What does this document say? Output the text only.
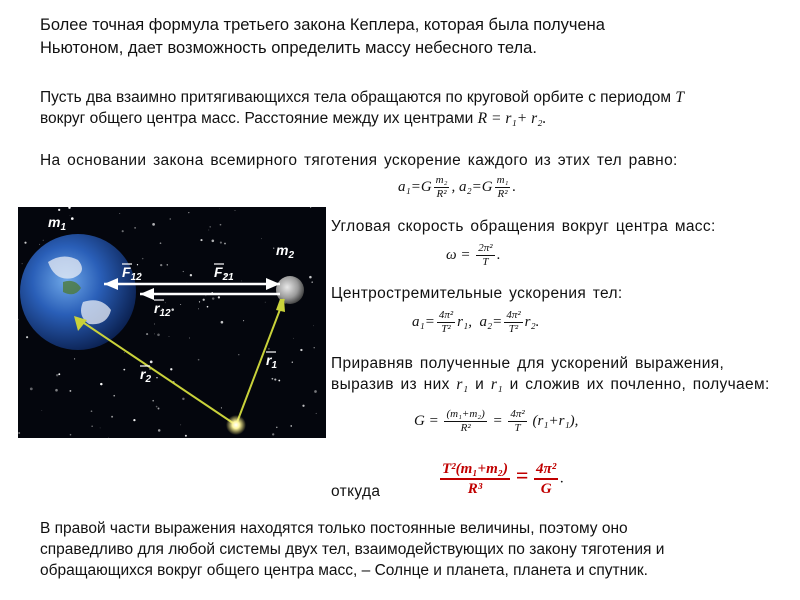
Более точная формула третьего закона Кеплера, которая была получена
Ньютоном, дает возможность определить массу небесного тела.
Пусть два взаимно притягивающихся тела обращаются по круговой орбите с периодом T
вокруг общего центра масс. Расстояние между их центрами R = r₁+ r₂.
На основании закона всемирного тяготения ускорение каждого из этих тел равно:
$a_1=G \frac{\text{m₂}}{\text{R²}}$ , $a_2=G \frac{\text{m₁}}{\text{R²}}$ .
$m_1$
$m_2$
$F_{12}$	$F_{21}$
$r_{12}$
$r_2$
$r_1$
Угловая скорость обращения вокруг центра масс:
$\omega = \frac{\text{2π²}}{T}$ .
Центростремительные ускорения тел:
$a_1= \frac{\text{4π²}}{\text{T²}} r_1$, $a_2= \frac{\text{4π²}}{\text{T²}} r_2$.
Приравняв полученные для ускорений выражения,
выразив из них r₁ и r₁ и сложив их почленно, получаем:
$G = \frac{\text{(m₁+m₂)}}{\text{R²}} = \frac{\text{4π²}}{T} (r_1+r_1)$,
откуда	$\frac{\text{T²(m₁+m₂)}}{\text{R³}} = \frac{\text{4π²}}{G}$ .
В правой части выражения находятся только постоянные величины, поэтому оно
справедливо для любой системы двух тел, взаимодействующих по закону тяготения и
обращающихся вокруг общего центра масс, – Солнце и планета, планета и спутник.
